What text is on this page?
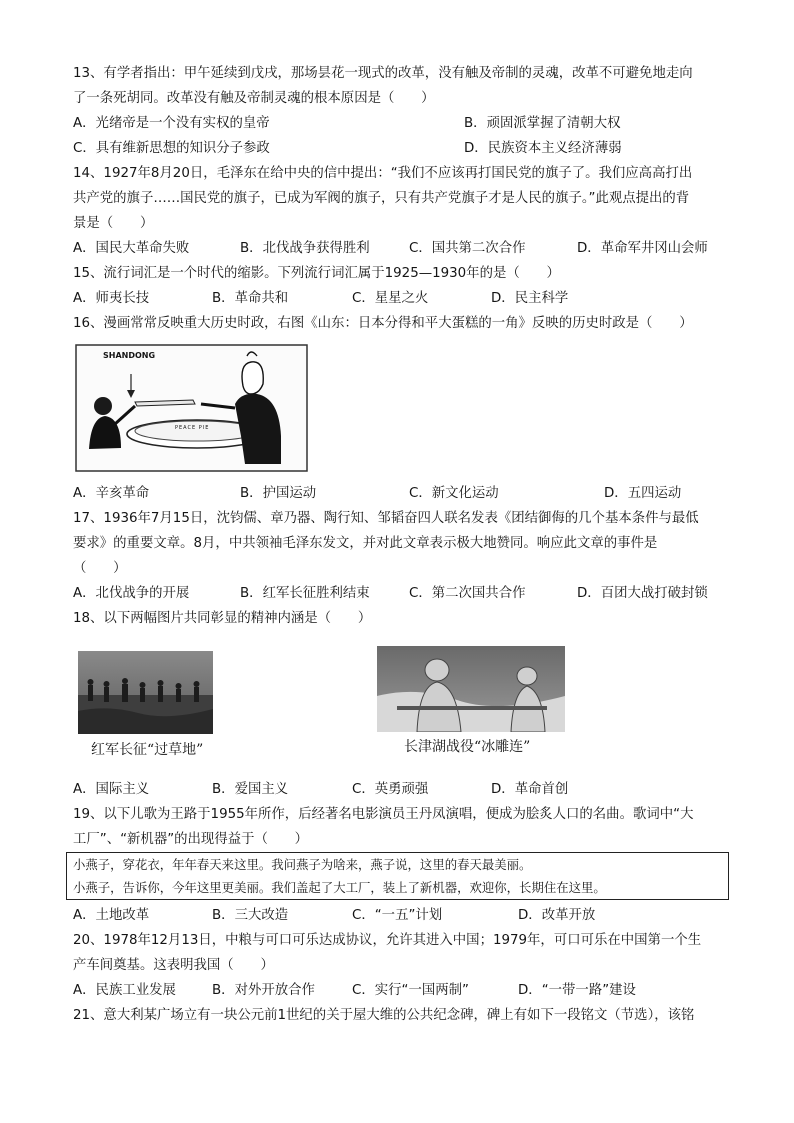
13、有学者指出：甲午延续到戊戌，那场昙花一现式的改革，没有触及帝制的灵魂，改革不可避免地走向
了一条死胡同。改革没有触及帝制灵魂的根本原因是（　　）
A．光绪帝是一个没有实权的皇帝	B．顽固派掌握了清朝大权
C．具有维新思想的知识分子参政	D．民族资本主义经济薄弱
14、1927年8月20日，毛泽东在给中央的信中提出：“我们不应该再打国民党的旗子了。我们应高高打出
共产党的旗子……国民党的旗子，已成为军阀的旗子，只有共产党旗子才是人民的旗子。”此观点提出的背
景是（　　）
A．国民大革命失败	B．北伐战争获得胜利	C．国共第二次合作	D．革命军井冈山会师
15、流行词汇是一个时代的缩影。下列流行词汇属于1925—1930年的是（　　）
A．师夷长技	B．革命共和	C．星星之火	D．民主科学
16、漫画常常反映重大历史时政，右图《山东：日本分得和平大蛋糕的一角》反映的历史时政是（　　）
SHANDONG
PEACE PIE
A．辛亥革命	B．护国运动	C．新文化运动	D．五四运动
17、1936年7月15日，沈钧儒、章乃器、陶行知、邹韬奋四人联名发表《团结御侮的几个基本条件与最低
要求》的重要文章。8月，中共领袖毛泽东发文，并对此文章表示极大地赞同。响应此文章的事件是
（　　）
A．北伐战争的开展	B．红军长征胜利结束	C．第二次国共合作	D．百团大战打破封锁
18、以下两幅图片共同彰显的精神内涵是（　　）
红军长征“过草地”	长津湖战役“冰雕连”
A．国际主义	B．爱国主义	C．英勇顽强	D．革命首创
19、以下儿歌为王路于1955年所作，后经著名电影演员王丹凤演唱，便成为脍炙人口的名曲。歌词中“大
工厂”、“新机器”的出现得益于（　　）
小燕子，穿花衣，年年春天来这里。我问燕子为啥来，燕子说，这里的春天最美丽。
小燕子，告诉你，今年这里更美丽。我们盖起了大工厂，装上了新机器，欢迎你，长期住在这里。
A．土地改革	B．三大改造	C．“一五”计划	D．改革开放
20、1978年12月13日，中粮与可口可乐达成协议，允许其进入中国；1979年，可口可乐在中国第一个生
产车间奠基。这表明我国（　　）
A．民族工业发展	B．对外开放合作	C．实行“一国两制”	D．“一带一路”建设
21、意大利某广场立有一块公元前1世纪的关于屋大维的公共纪念碑，碑上有如下一段铭文（节选），该铭
